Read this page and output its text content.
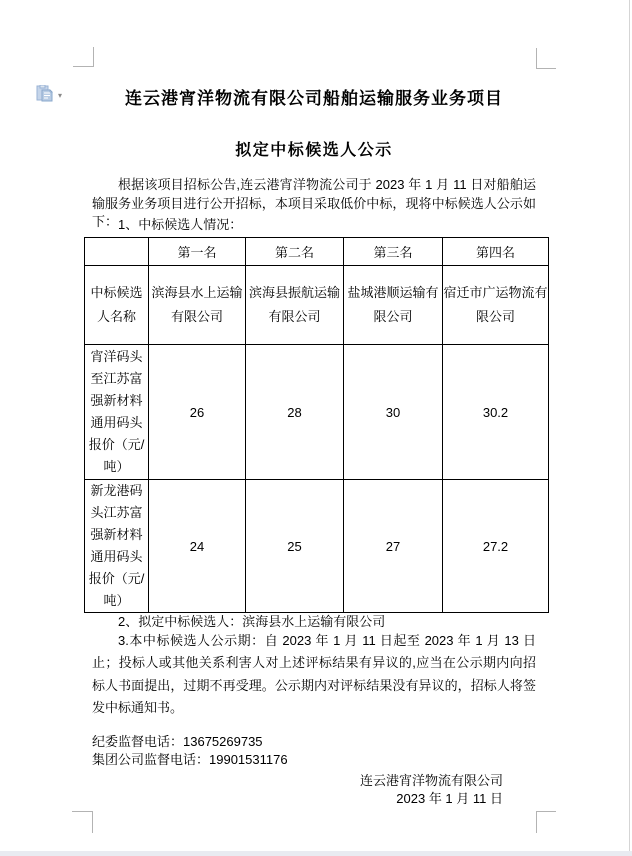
▾	连云港宵洋物流有限公司船舶运输服务业务项目
拟定中标候选人公示
根据该项目招标公告,连云港宵洋物流公司于 2023 年 1 月 11 日对船舶运输服务业务项目进行公开招标，本项目采取低价中标，现将中标候选人公示如下： 1、中标候选人情况：
	第一名	第二名	第三名	第四名
中标候选人名称	滨海县水上运输有限公司	滨海县振航运输有限公司	盐城港顺运输有限公司	宿迁市广运物流有限公司
宵洋码头至江苏富强新材料通用码头报价（元/吨）	26	28	30	30.2
新龙港码头江苏富强新材料通用码头报价（元/吨）	24	25	27	27.2
2、拟定中标候选人：滨海县水上运输有限公司
3.本中标候选人公示期：自 2023 年 1 月 11 日起至 2023 年 1 月 13 日止；投标人或其他关系利害人对上述评标结果有异议的,应当在公示期内向招标人书面提出，过期不再受理。公示期内对评标结果没有异议的，招标人将签发中标通知书。
纪委监督电话：13675269735
集团公司监督电话：19901531176
连云港宵洋物流有限公司
2023 年 1 月 11 日
